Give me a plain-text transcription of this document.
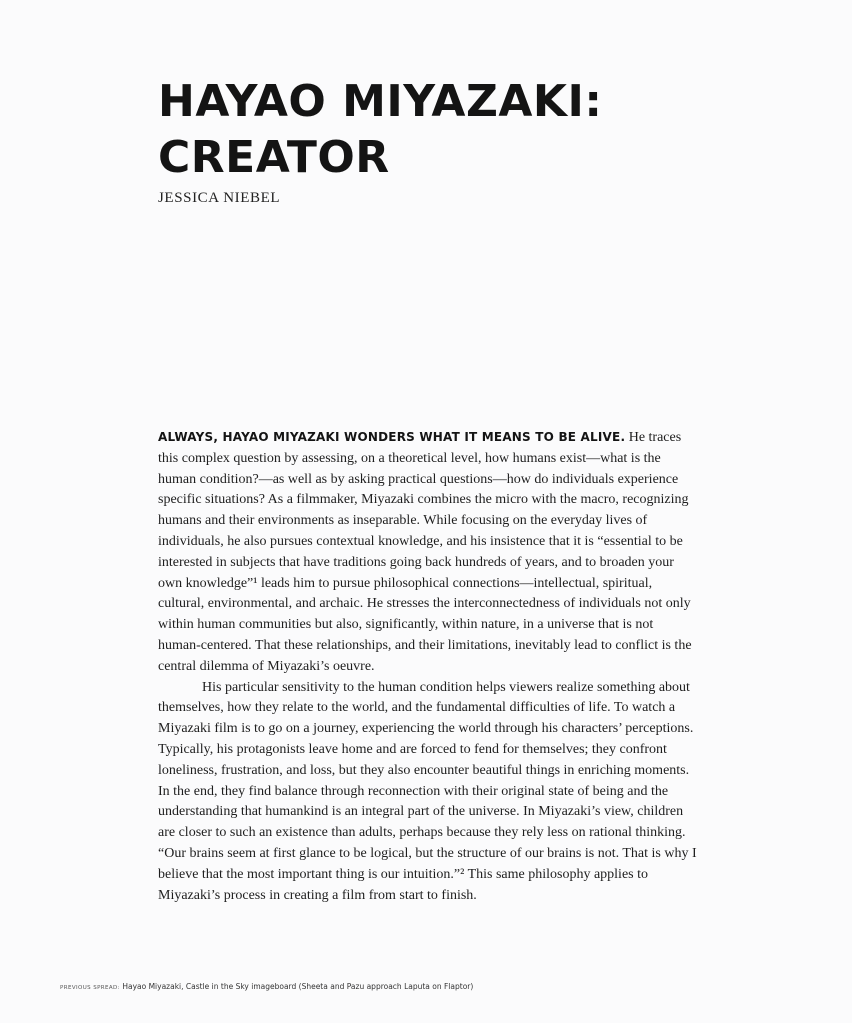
HAYAO MIYAZAKI:
CREATOR
JESSICA NIEBEL

ALWAYS, HAYAO MIYAZAKI WONDERS WHAT IT MEANS TO BE ALIVE. He traces this complex question by assessing, on a theoretical level, how humans exist—what is the human condition?—as well as by asking practical questions—how do individuals experience specific situations? As a filmmaker, Miyazaki combines the micro with the macro, recognizing humans and their environments as inseparable. While focusing on the everyday lives of individuals, he also pursues contextual knowledge, and his insistence that it is “essential to be interested in subjects that have traditions going back hundreds of years, and to broaden your own knowledge”¹ leads him to pursue philosophical connections—intellectual, spiritual, cultural, environmental, and archaic. He stresses the interconnectedness of individuals not only within human communities but also, significantly, within nature, in a universe that is not human-centered. That these relationships, and their limitations, inevitably lead to conflict is the central dilemma of Miyazaki’s oeuvre.

His particular sensitivity to the human condition helps viewers realize something about themselves, how they relate to the world, and the fundamental difficulties of life. To watch a Miyazaki film is to go on a journey, experiencing the world through his characters’ perceptions. Typically, his protagonists leave home and are forced to fend for themselves; they confront loneliness, frustration, and loss, but they also encounter beautiful things in enriching moments. In the end, they find balance through reconnection with their original state of being and the understanding that humankind is an integral part of the universe. In Miyazaki’s view, children are closer to such an existence than adults, perhaps because they rely less on rational thinking. “Our brains seem at first glance to be logical, but the structure of our brains is not. That is why I believe that the most important thing is our intuition.”² This same philosophy applies to Miyazaki’s process in creating a film from start to finish.

PREVIOUS SPREAD: Hayao Miyazaki, Castle in the Sky imageboard (Sheeta and Pazu approach Laputa on Flaptor)
